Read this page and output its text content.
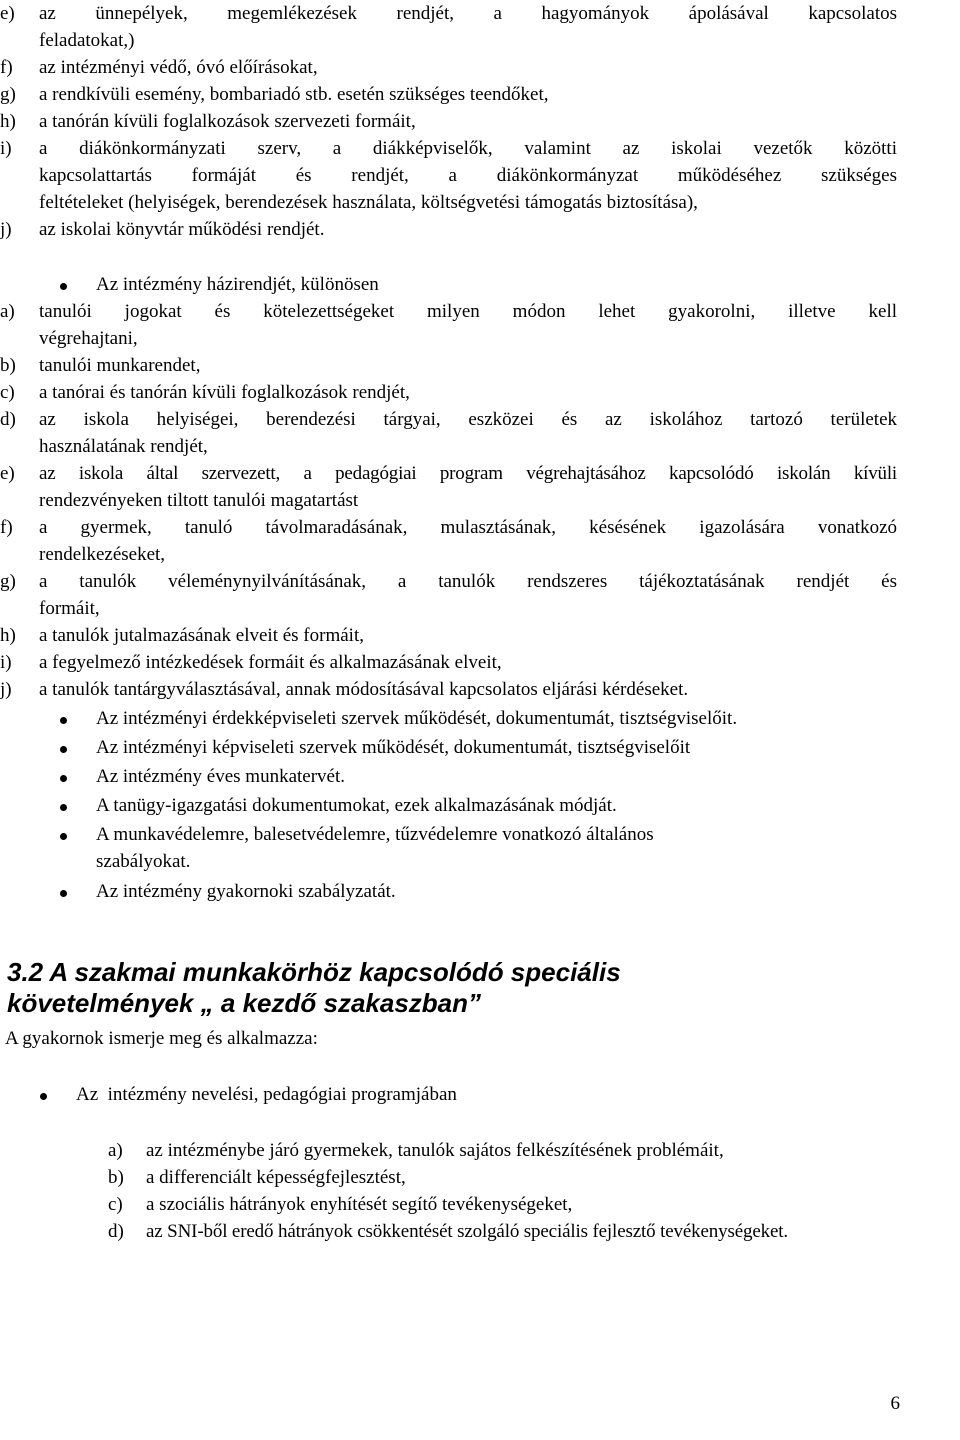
e)	az ünnepélyek, megemlékezések rendjét, a hagyományok ápolásával kapcsolatos
feladatokat,)
f)	az intézményi védő, óvó előírásokat,
g)	a rendkívüli esemény, bombariadó stb. esetén szükséges teendőket,
h)	a tanórán kívüli foglalkozások szervezeti formáit,
i)	a diákönkormányzati szerv, a diákképviselők, valamint az iskolai vezetők közötti
kapcsolattartás formáját és rendjét, a diákönkormányzat működéséhez szükséges
feltételeket (helyiségek, berendezések használata, költségvetési támogatás biztosítása),
j)	az iskolai könyvtár működési rendjét.
Az intézmény házirendjét, különösen
a)	tanulói jogokat és kötelezettségeket milyen módon lehet gyakorolni, illetve kell
végrehajtani,
b)	tanulói munkarendet,
c)	a tanórai és tanórán kívüli foglalkozások rendjét,
d)	az iskola helyiségei, berendezési tárgyai, eszközei és az iskolához tartozó területek
használatának rendjét,
e)	az iskola által szervezett, a pedagógiai program végrehajtásához kapcsolódó iskolán kívüli
rendezvényeken tiltott tanulói magatartást
f)	a gyermek, tanuló távolmaradásának, mulasztásának, késésének igazolására vonatkozó
rendelkezéseket,
g)	a tanulók véleménynyilvánításának, a tanulók rendszeres tájékoztatásának rendjét és
formáit,
h)	a tanulók jutalmazásának elveit és formáit,
i)	a fegyelmező intézkedések formáit és alkalmazásának elveit,
j)	a tanulók tantárgyválasztásával, annak módosításával kapcsolatos eljárási kérdéseket.
Az intézményi érdekképviseleti szervek működését, dokumentumát, tisztségviselőit.
Az intézményi képviseleti szervek működését, dokumentumát, tisztségviselőit
Az intézmény éves munkatervét.
A tanügy-igazgatási dokumentumokat, ezek alkalmazásának módját.
A munkavédelemre, balesetvédelemre, tűzvédelemre vonatkozó általános
szabályokat.
Az intézmény gyakornoki szabályzatát.
3.2 A szakmai munkakörhöz kapcsolódó speciális
követelmények „ a kezdő szakaszban”
A gyakornok ismerje meg és alkalmazza:
Az  intézmény nevelési, pedagógiai programjában
a)	az intézménybe járó gyermekek, tanulók sajátos felkészítésének problémáit,
b)	a differenciált képességfejlesztést,
c)	a szociális hátrányok enyhítését segítő tevékenységeket,
d)	az SNI-ből eredő hátrányok csökkentését szolgáló speciális fejlesztő tevékenységeket.
6
